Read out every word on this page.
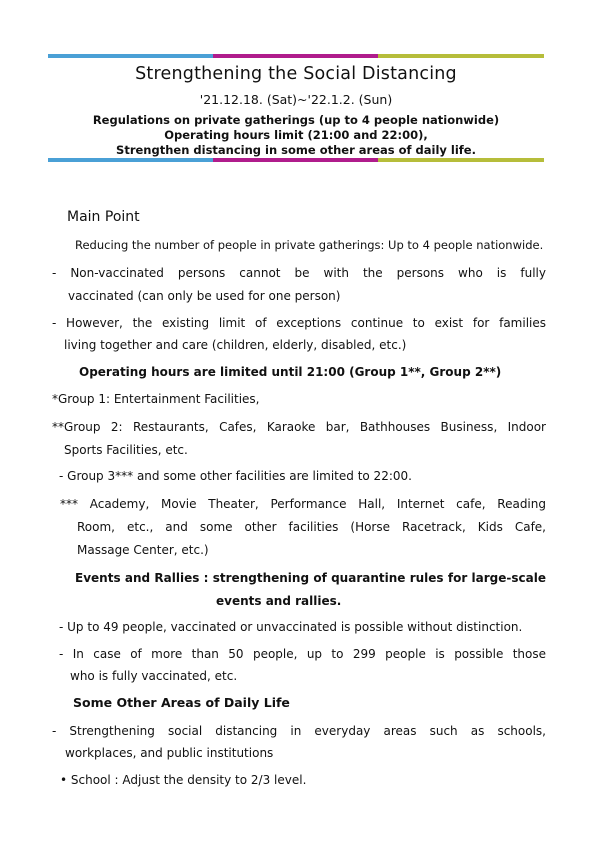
Strengthening the Social Distancing
'21.12.18. (Sat)~'22.1.2. (Sun)
Regulations on private gatherings (up to 4 people nationwide)
Operating hours limit (21:00 and 22:00),
Strengthen distancing in some other areas of daily life.
Main Point
Reducing the number of people in private gatherings: Up to 4 people nationwide.
- Non-vaccinated persons cannot be with the persons who is fully
vaccinated (can only be used for one person)
- However, the existing limit of exceptions continue to exist for families
living together and care (children, elderly, disabled, etc.)
Operating hours are limited until 21:00 (Group 1**, Group 2**)
*Group 1: Entertainment Facilities,
**Group 2: Restaurants, Cafes, Karaoke bar, Bathhouses Business, Indoor
Sports Facilities, etc.
- Group 3*** and some other facilities are limited to 22:00.
*** Academy, Movie Theater, Performance Hall, Internet cafe, Reading
Room, etc., and some other facilities (Horse Racetrack, Kids Cafe,
Massage Center, etc.)
Events and Rallies : strengthening of quarantine rules for large-scale
events and rallies.
- Up to 49 people, vaccinated or unvaccinated is possible without distinction.
- In case of more than 50 people, up to 299 people is possible those
who is fully vaccinated, etc.
Some Other Areas of Daily Life
- Strengthening social distancing in everyday areas such as schools,
workplaces, and public institutions
• School : Adjust the density to 2/3 level.
